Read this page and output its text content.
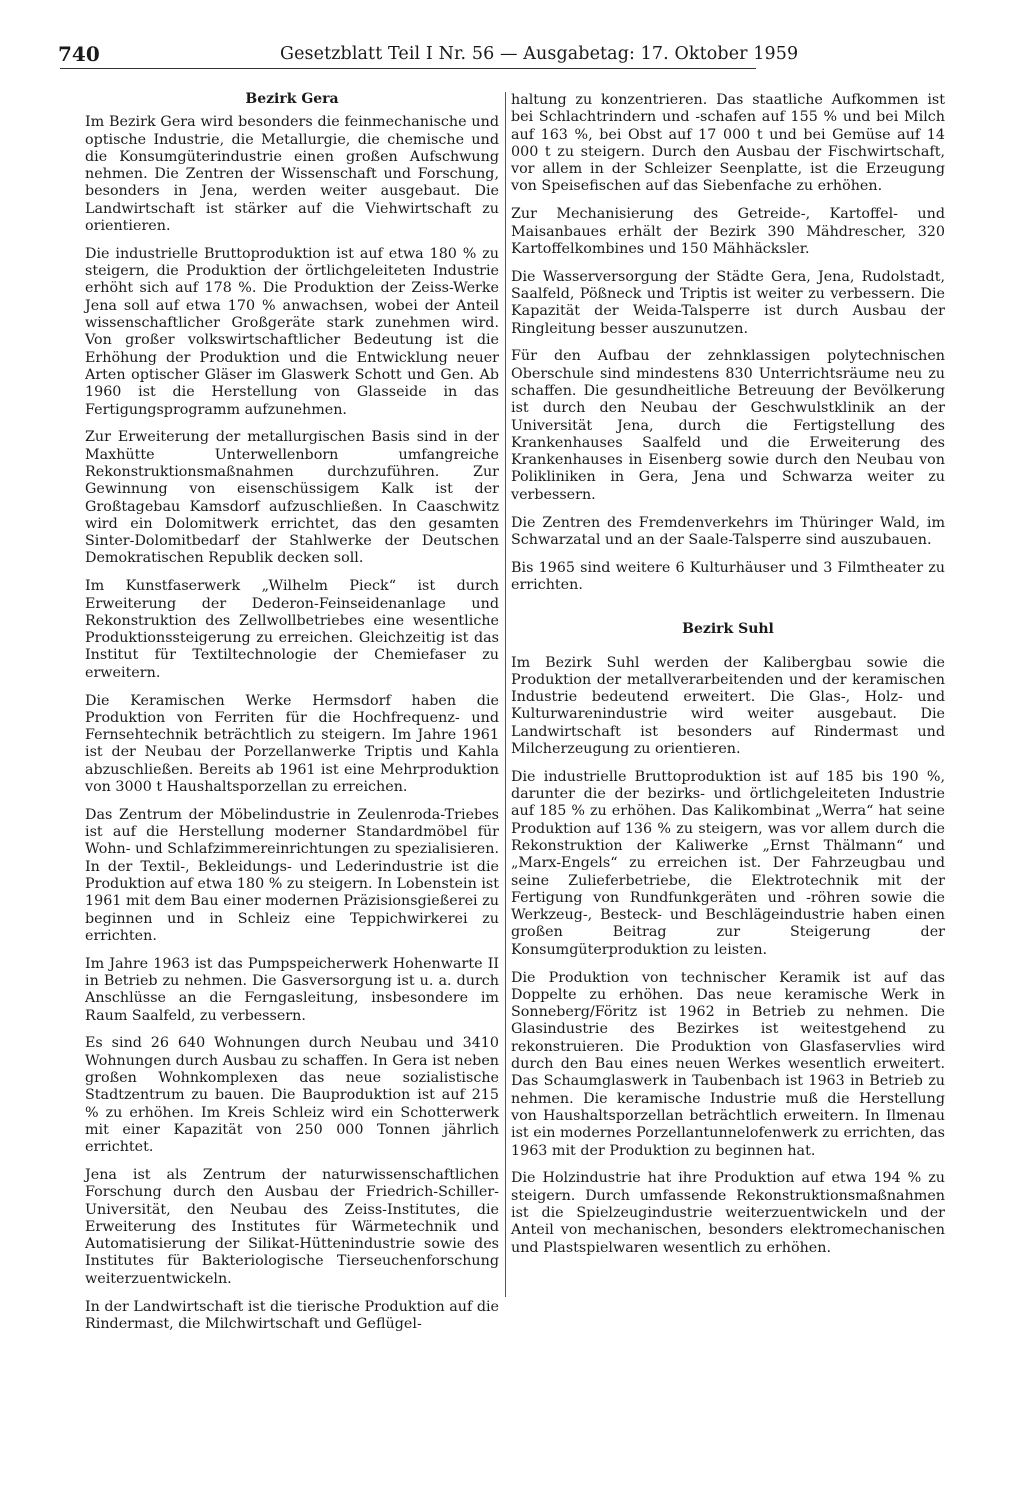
740	Gesetzblatt Teil I Nr. 56 — Ausgabetag: 17. Oktober 1959
Bezirk Gera

Im Bezirk Gera wird besonders die feinmechanische und optische Industrie, die Metallurgie, die chemische und die Konsumgüterindustrie einen großen Aufschwung nehmen. Die Zentren der Wissenschaft und Forschung, besonders in Jena, werden weiter ausgebaut. Die Landwirtschaft ist stärker auf die Viehwirtschaft zu orientieren.

Die industrielle Bruttoproduktion ist auf etwa 180 % zu steigern, die Produktion der örtlichgeleiteten Industrie erhöht sich auf 178 %. Die Produktion der Zeiss-Werke Jena soll auf etwa 170 % anwachsen, wobei der Anteil wissenschaftlicher Großgeräte stark zunehmen wird. Von großer volkswirtschaftlicher Bedeutung ist die Erhöhung der Produktion und die Entwicklung neuer Arten optischer Gläser im Glaswerk Schott und Gen. Ab 1960 ist die Herstellung von Glasseide in das Fertigungsprogramm aufzunehmen.

Zur Erweiterung der metallurgischen Basis sind in der Maxhütte Unterwellenborn umfangreiche Rekonstruktionsmaßnahmen durchzuführen. Zur Gewinnung von eisenschüssigem Kalk ist der Großtagebau Kamsdorf aufzuschließen. In Caaschwitz wird ein Dolomitwerk errichtet, das den gesamten Sinter-Dolomitbedarf der Stahlwerke der Deutschen Demokratischen Republik decken soll.

Im Kunstfaserwerk „Wilhelm Pieck“ ist durch Erweiterung der Dederon-Feinseidenanlage und Rekonstruktion des Zellwollbetriebes eine wesentliche Produktionssteigerung zu erreichen. Gleichzeitig ist das Institut für Textiltechnologie der Chemiefaser zu erweitern.

Die Keramischen Werke Hermsdorf haben die Produktion von Ferriten für die Hochfrequenz- und Fernsehtechnik beträchtlich zu steigern. Im Jahre 1961 ist der Neubau der Porzellanwerke Triptis und Kahla abzuschließen. Bereits ab 1961 ist eine Mehrproduktion von 3000 t Haushaltsporzellan zu erreichen.

Das Zentrum der Möbelindustrie in Zeulenroda-Triebes ist auf die Herstellung moderner Standardmöbel für Wohn- und Schlafzimmereinrichtungen zu spezialisieren. In der Textil-, Bekleidungs- und Lederindustrie ist die Produktion auf etwa 180 % zu steigern. In Lobenstein ist 1961 mit dem Bau einer modernen Präzisionsgießerei zu beginnen und in Schleiz eine Teppichwirkerei zu errichten.

Im Jahre 1963 ist das Pumpspeicherwerk Hohenwarte II in Betrieb zu nehmen. Die Gasversorgung ist u. a. durch Anschlüsse an die Ferngasleitung, insbesondere im Raum Saalfeld, zu verbessern.

Es sind 26 640 Wohnungen durch Neubau und 3410 Wohnungen durch Ausbau zu schaffen. In Gera ist neben großen Wohnkomplexen das neue sozialistische Stadtzentrum zu bauen. Die Bauproduktion ist auf 215 % zu erhöhen. Im Kreis Schleiz wird ein Schotterwerk mit einer Kapazität von 250 000 Tonnen jährlich errichtet.

Jena ist als Zentrum der naturwissenschaftlichen Forschung durch den Ausbau der Friedrich-Schiller-Universität, den Neubau des Zeiss-Institutes, die Erweiterung des Institutes für Wärmetechnik und Automatisierung der Silikat-Hüttenindustrie sowie des Institutes für Bakteriologische Tierseuchenforschung weiterzuentwickeln.

In der Landwirtschaft ist die tierische Produktion auf die Rindermast, die Milchwirtschaft und Geflügel-

haltung zu konzentrieren. Das staatliche Aufkommen ist bei Schlachtrindern und -schafen auf 155 % und bei Milch auf 163 %, bei Obst auf 17 000 t und bei Gemüse auf 14 000 t zu steigern. Durch den Ausbau der Fischwirtschaft, vor allem in der Schleizer Seenplatte, ist die Erzeugung von Speisefischen auf das Siebenfache zu erhöhen.

Zur Mechanisierung des Getreide-, Kartoffel- und Maisanbaues erhält der Bezirk 390 Mähdrescher, 320 Kartoffelkombines und 150 Mähhäcksler.

Die Wasserversorgung der Städte Gera, Jena, Rudolstadt, Saalfeld, Pößneck und Triptis ist weiter zu verbessern. Die Kapazität der Weida-Talsperre ist durch Ausbau der Ringleitung besser auszunutzen.

Für den Aufbau der zehnklassigen polytechnischen Oberschule sind mindestens 830 Unterrichtsräume neu zu schaffen. Die gesundheitliche Betreuung der Bevölkerung ist durch den Neubau der Geschwulstklinik an der Universität Jena, durch die Fertigstellung des Krankenhauses Saalfeld und die Erweiterung des Krankenhauses in Eisenberg sowie durch den Neubau von Polikliniken in Gera, Jena und Schwarza weiter zu verbessern.

Die Zentren des Fremdenverkehrs im Thüringer Wald, im Schwarzatal und an der Saale-Talsperre sind auszubauen.

Bis 1965 sind weitere 6 Kulturhäuser und 3 Filmtheater zu errichten.

Bezirk Suhl

Im Bezirk Suhl werden der Kalibergbau sowie die Produktion der metallverarbeitenden und der keramischen Industrie bedeutend erweitert. Die Glas-, Holz- und Kulturwarenindustrie wird weiter ausgebaut. Die Landwirtschaft ist besonders auf Rindermast und Milcherzeugung zu orientieren.

Die industrielle Bruttoproduktion ist auf 185 bis 190 %, darunter die der bezirks- und örtlichgeleiteten Industrie auf 185 % zu erhöhen. Das Kalikombinat „Werra“ hat seine Produktion auf 136 % zu steigern, was vor allem durch die Rekonstruktion der Kaliwerke „Ernst Thälmann“ und „Marx-Engels“ zu erreichen ist. Der Fahrzeugbau und seine Zulieferbetriebe, die Elektrotechnik mit der Fertigung von Rundfunkgeräten und -röhren sowie die Werkzeug-, Besteck- und Beschlägeindustrie haben einen großen Beitrag zur Steigerung der Konsumgüterproduktion zu leisten.

Die Produktion von technischer Keramik ist auf das Doppelte zu erhöhen. Das neue keramische Werk in Sonneberg/Föritz ist 1962 in Betrieb zu nehmen. Die Glasindustrie des Bezirkes ist weitestgehend zu rekonstruieren. Die Produktion von Glasfaservlies wird durch den Bau eines neuen Werkes wesentlich erweitert. Das Schaumglaswerk in Taubenbach ist 1963 in Betrieb zu nehmen. Die keramische Industrie muß die Herstellung von Haushaltsporzellan beträchtlich erweitern. In Ilmenau ist ein modernes Porzellantunnelofenwerk zu errichten, das 1963 mit der Produktion zu beginnen hat.

Die Holzindustrie hat ihre Produktion auf etwa 194 % zu steigern. Durch umfassende Rekonstruktionsmaßnahmen ist die Spielzeugindustrie weiterzuentwickeln und der Anteil von mechanischen, besonders elektromechanischen und Plastspielwaren wesentlich zu erhöhen.
